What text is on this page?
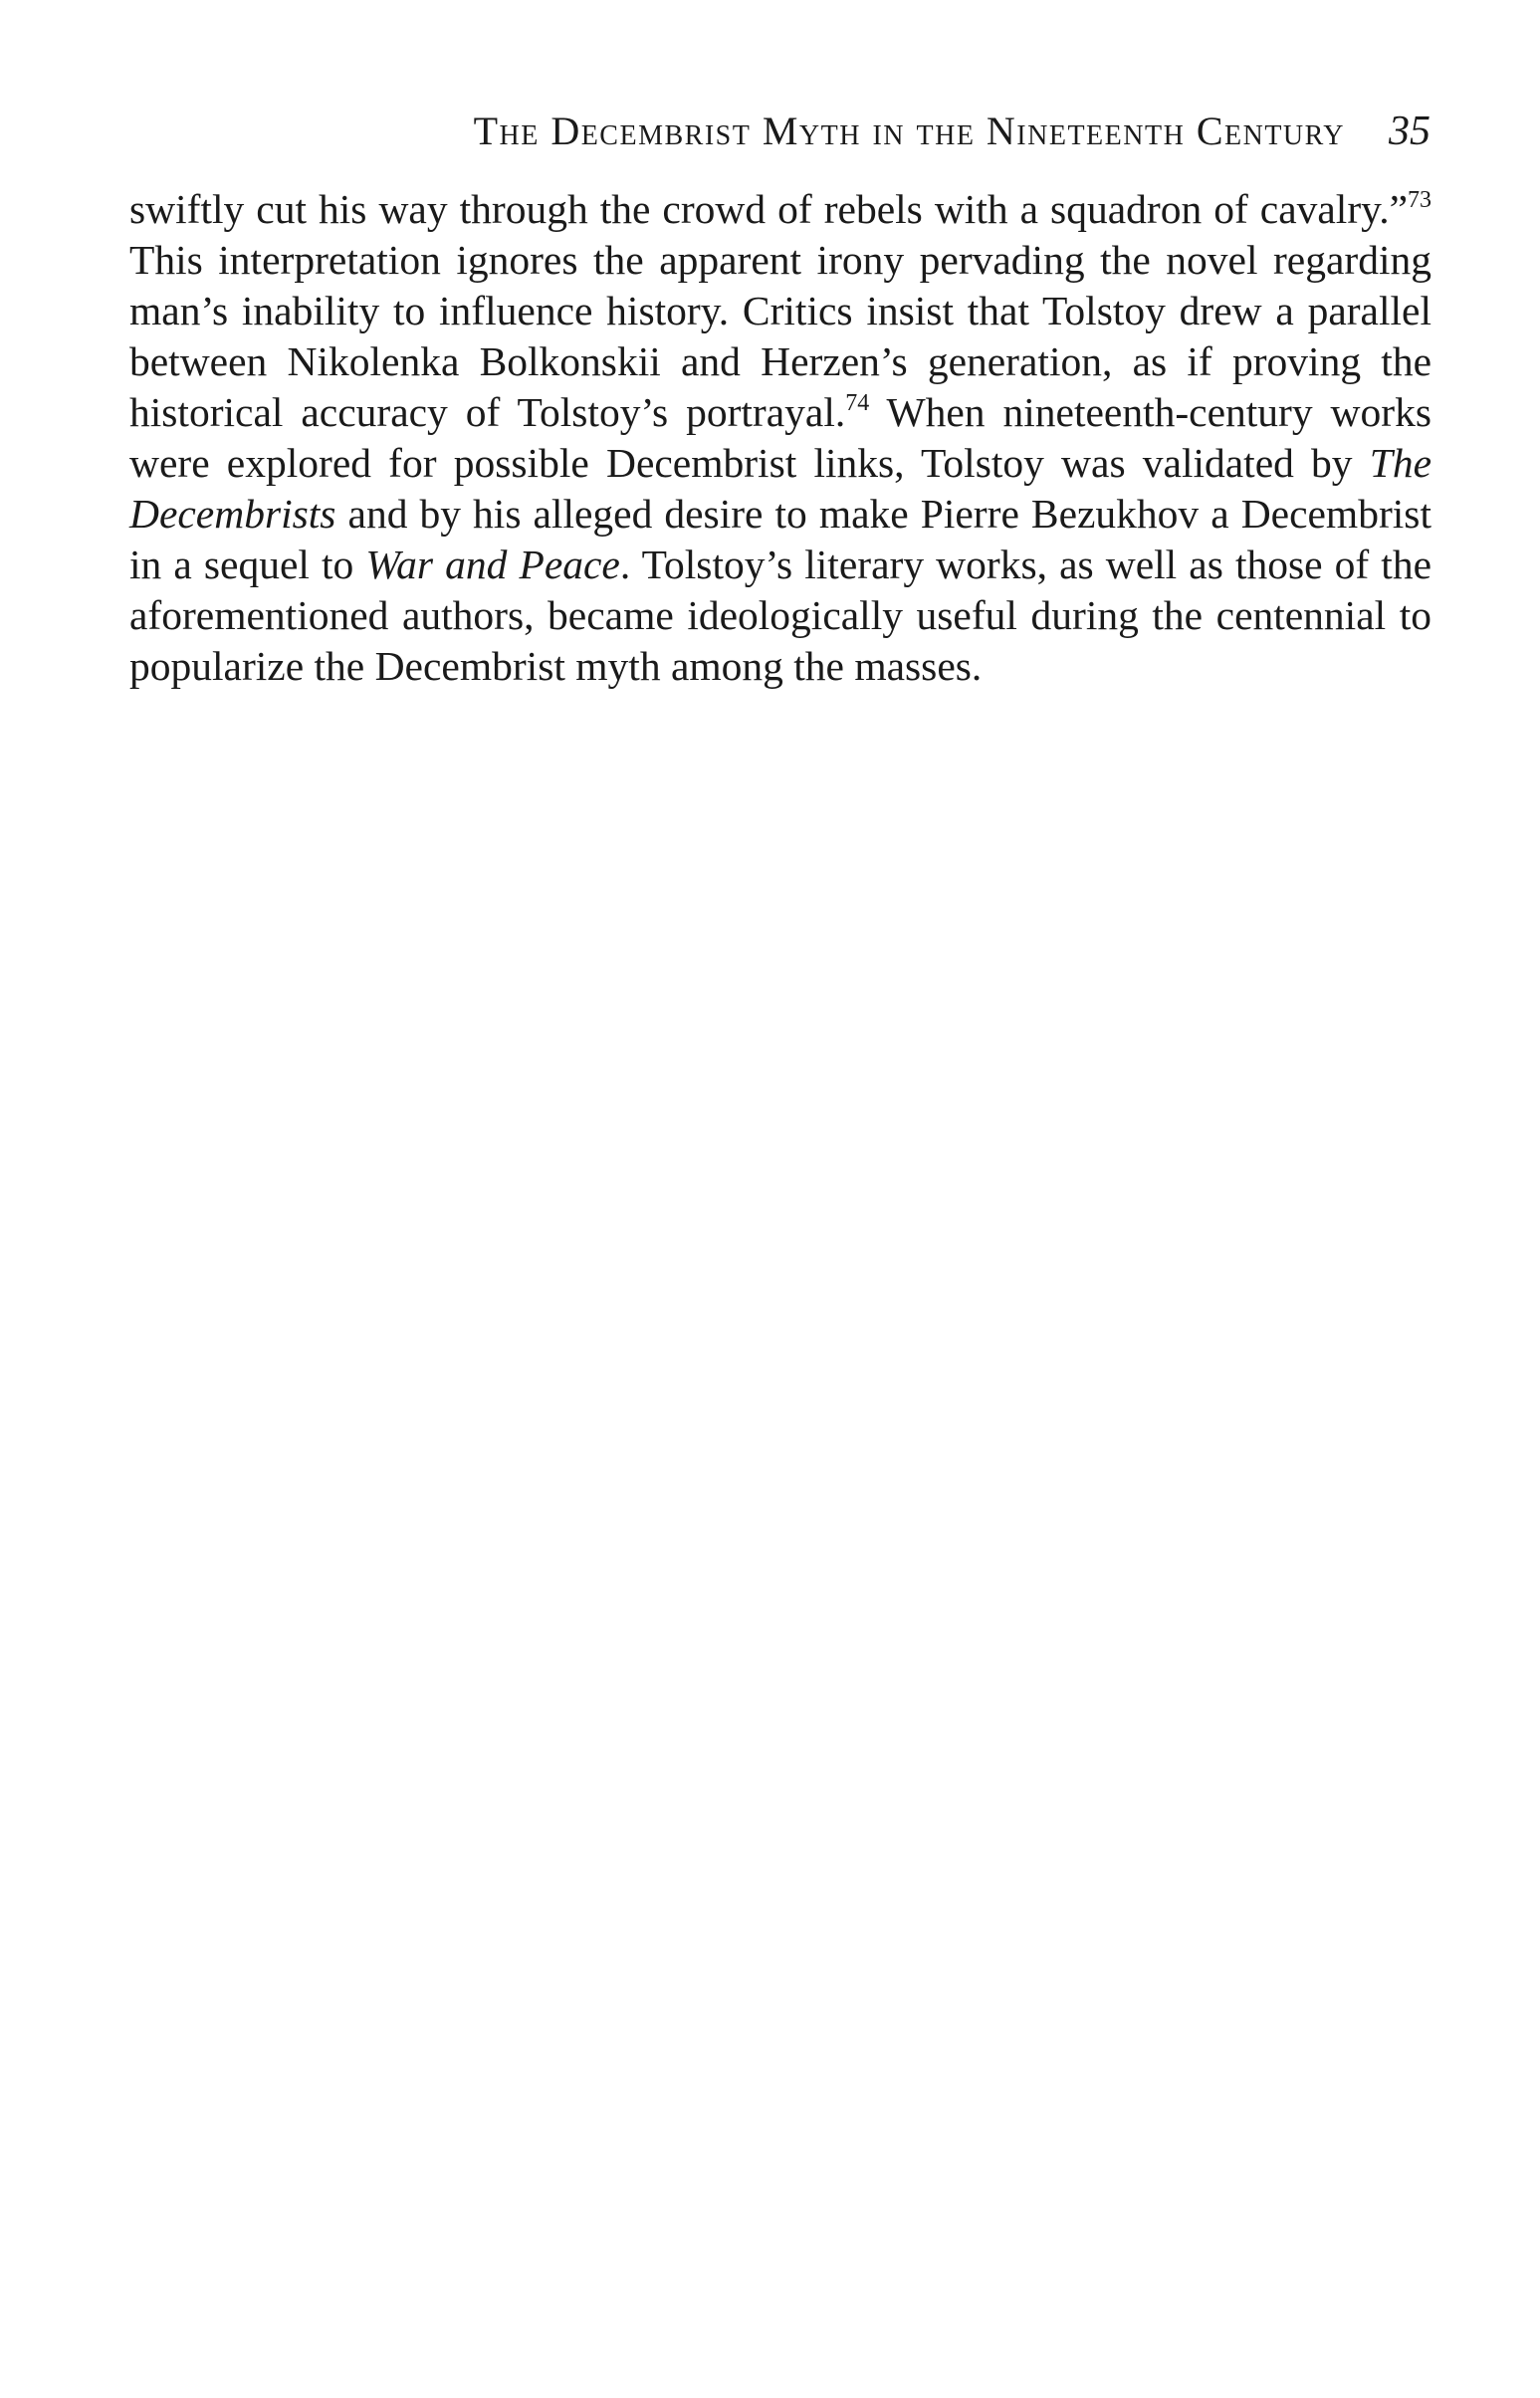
The Decembrist Myth in the Nineteenth Century 35

swiftly cut his way through the crowd of rebels with a squadron of cavalry.”$^{73}$ This interpretation ignores the apparent irony pervading the novel regarding man’s inability to influence history. Critics insist that Tolstoy drew a parallel between Nikolenka Bolkonskii and Herzen’s generation, as if proving the historical accuracy of Tolstoy’s portrayal.$^{74}$ When nineteenth-century works were explored for possible Decembrist links, Tolstoy was validated by The Decembrists and by his alleged desire to make Pierre Bezukhov a Decembrist in a sequel to War and Peace. Tolstoy’s literary works, as well as those of the aforementioned authors, became ideologically useful during the centennial to popularize the Decembrist myth among the masses.
